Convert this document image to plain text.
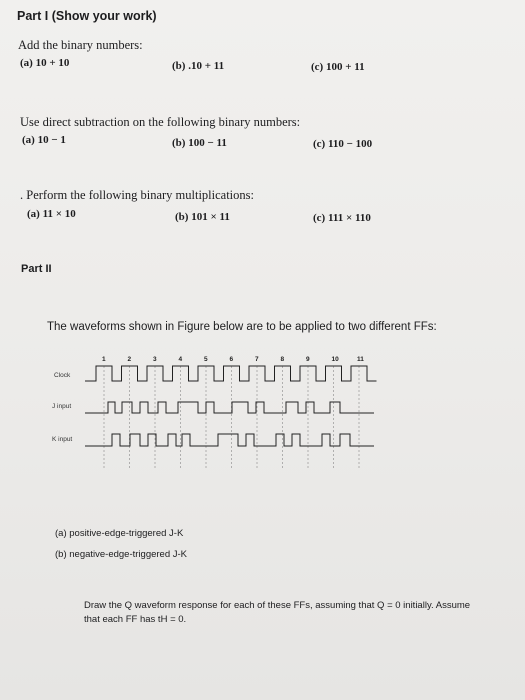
Part I (Show your work)
Add the binary numbers:
(a) 10 + 10	(b) .10 + 11	(c) 100 + 11
Use direct subtraction on the following binary numbers:
(a) 10 − 1	(b) 100 − 11	(c) 110 − 100
. Perform the following binary multiplications:
(a) 11 × 10	(b) 101 × 11	(c) 111 × 110
Part II
The waveforms shown in Figure below are to be applied to two different FFs:
1	2	3	4	5	6	7	8	9	10	11
Clock
J input
K input
(a) positive-edge-triggered J-K
(b) negative-edge-triggered J-K
Draw the Q waveform response for each of these FFs, assuming that Q = 0 initially. Assume
that each FF has tH = 0.
